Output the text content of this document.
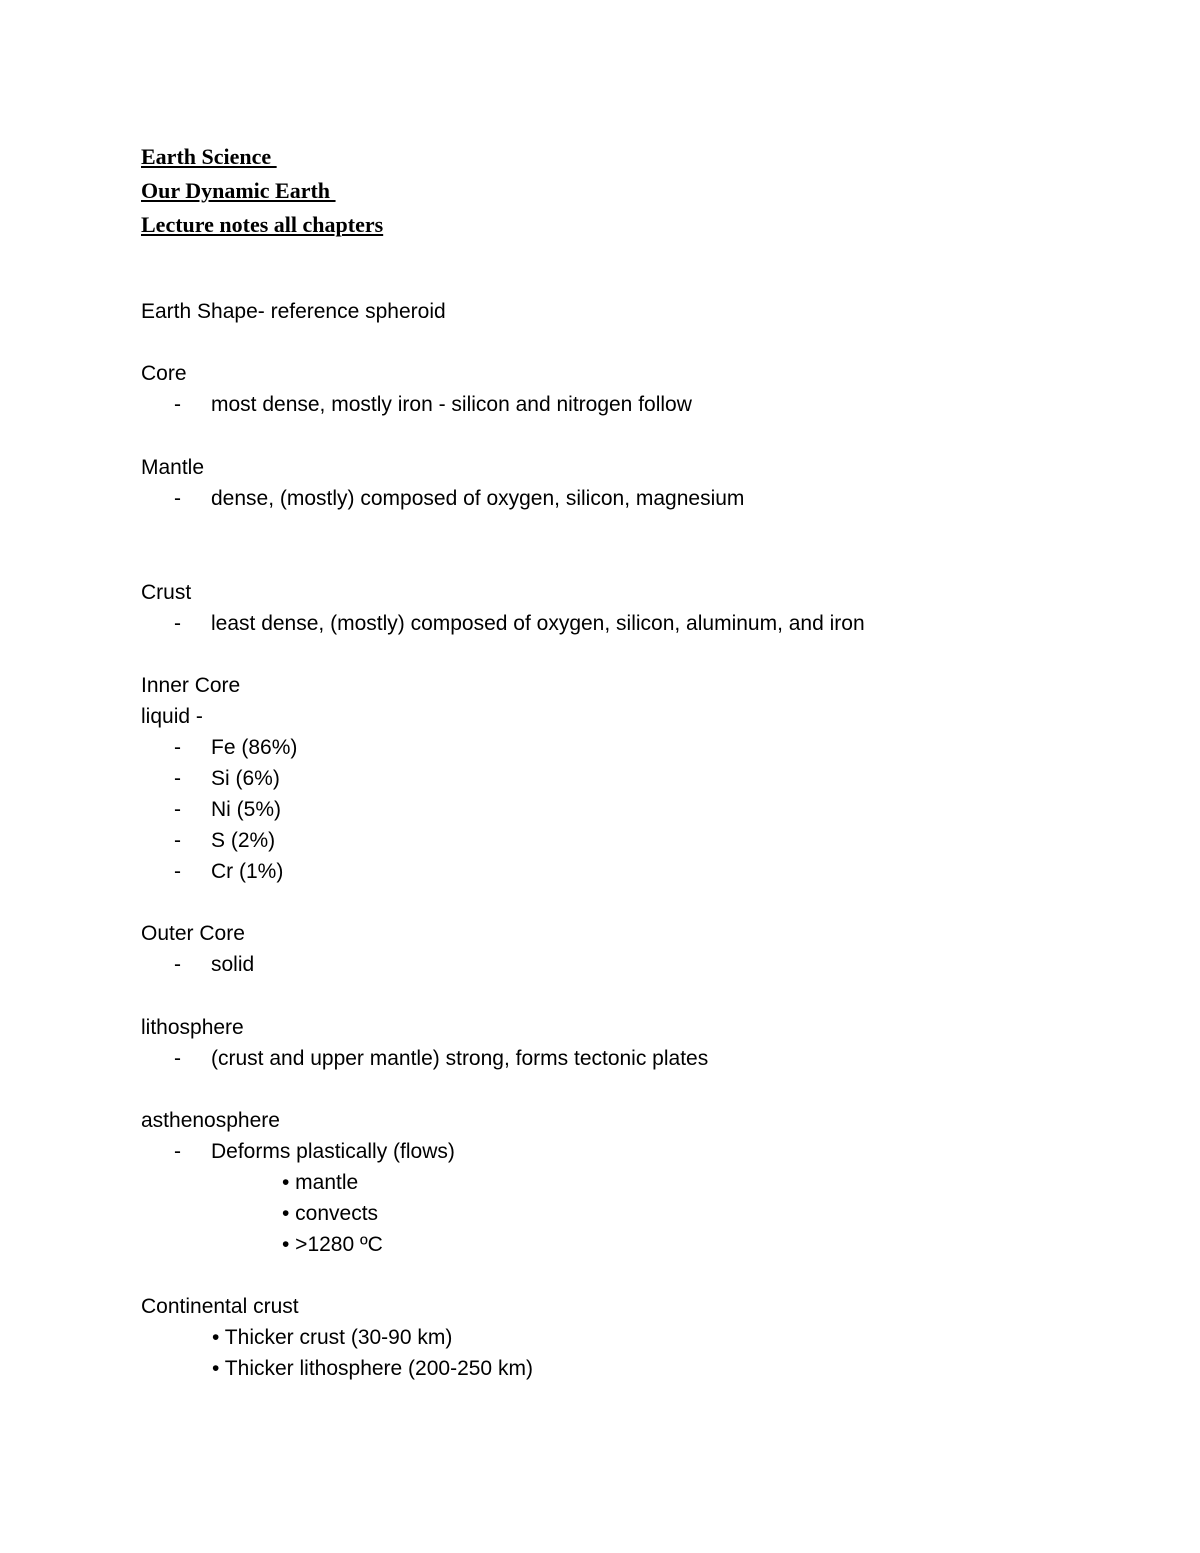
Earth Science
Our Dynamic Earth
Lecture notes all chapters
Earth Shape- reference spheroid
Core
- most dense, mostly iron - silicon and nitrogen follow
Mantle
- dense, (mostly) composed of oxygen, silicon, magnesium
Crust
- least dense, (mostly) composed of oxygen, silicon, aluminum, and iron
Inner Core
liquid -
- Fe (86%)
- Si (6%)
- Ni (5%)
- S (2%)
- Cr (1%)
Outer Core
- solid
lithosphere
- (crust and upper mantle) strong, forms tectonic plates
asthenosphere
- Deforms plastically (flows)
• mantle
• convects
• >1280 ºC
Continental crust
• Thicker crust (30-90 km)
• Thicker lithosphere (200-250 km)
